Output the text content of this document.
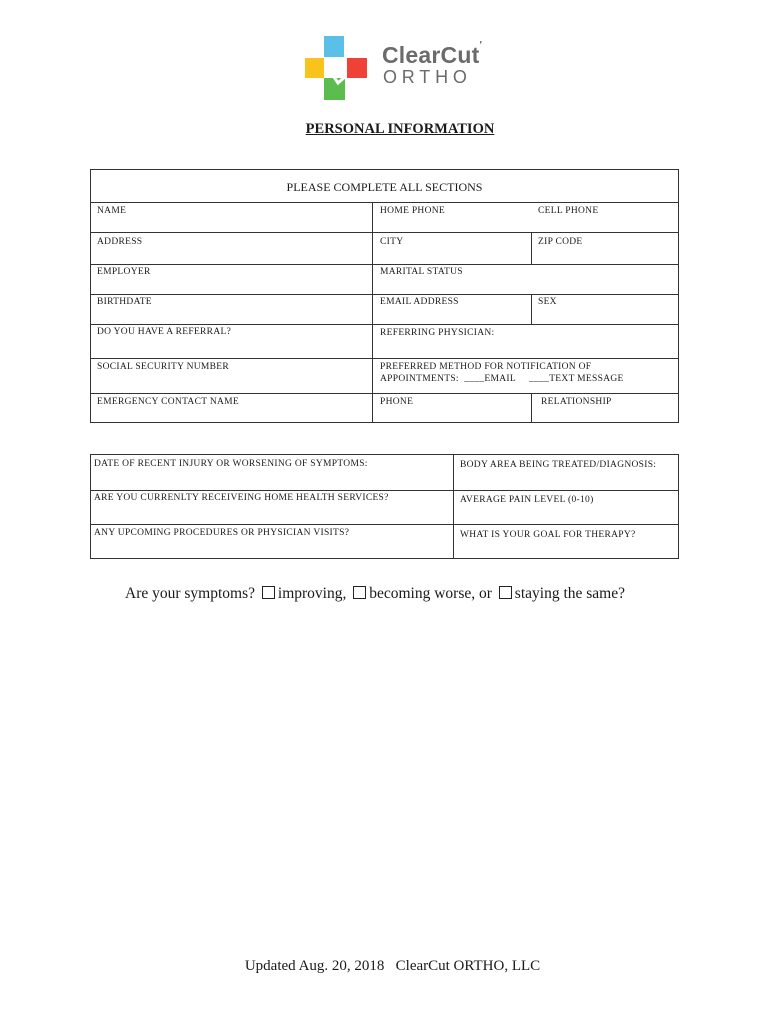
ClearCut′
ORTHO
PERSONAL INFORMATION
PLEASE COMPLETE ALL SECTIONS
NAME	HOME PHONE	CELL PHONE
ADDRESS	CITY	ZIP CODE
EMPLOYER	MARITAL STATUS
BIRTHDATE	EMAIL ADDRESS	SEX
DO YOU HAVE A REFERRAL?	REFERRING PHYSICIAN:
SOCIAL SECURITY NUMBER	PREFERRED METHOD FOR NOTIFICATION OF
APPOINTMENTS:  ____EMAIL     ____TEXT MESSAGE
EMERGENCY CONTACT NAME	PHONE	RELATIONSHIP
DATE OF RECENT INJURY OR WORSENING OF SYMPTOMS:	BODY AREA BEING TREATED/DIAGNOSIS:
ARE YOU CURRENLTY RECEIVEING HOME HEALTH SERVICES?	AVERAGE PAIN LEVEL (0-10)
ANY UPCOMING PROCEDURES OR PHYSICIAN VISITS?	WHAT IS YOUR GOAL FOR THERAPY?
Are your symptoms? improving, becoming worse, or staying the same?
Updated Aug. 20, 2018   ClearCut ORTHO, LLC
